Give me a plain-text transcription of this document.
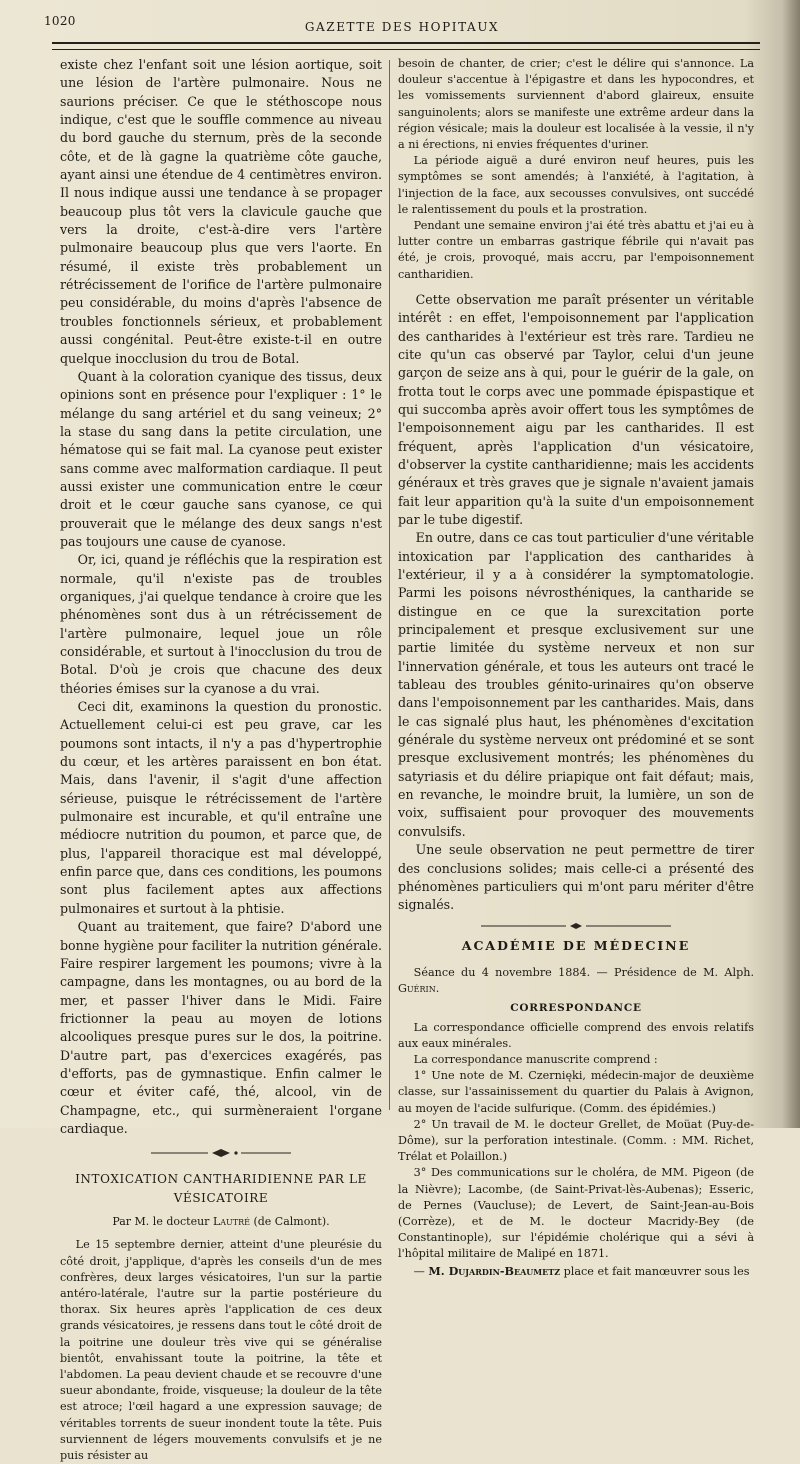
1020	GAZETTE DES HOPITAUX

existe chez l'enfant soit une lésion aortique, soit une lésion de l'artère pulmonaire. Nous ne saurions préciser. Ce que le stéthoscope nous indique, c'est que le souffle commence au niveau du bord gauche du sternum, près de la seconde côte, et de là gagne la quatrième côte gauche, ayant ainsi une étendue de 4 centimètres environ. Il nous indique aussi une tendance à se propager beaucoup plus tôt vers la clavicule gauche que vers la droite, c'est-à-dire vers l'artère pulmonaire beaucoup plus que vers l'aorte. En résumé, il existe très probablement un rétrécissement de l'orifice de l'artère pulmonaire peu considérable, du moins d'après l'absence de troubles fonctionnels sérieux, et probablement aussi congénital. Peut-être existe-t-il en outre quelque inocclusion du trou de Botal.

Quant à la coloration cyanique des tissus, deux opinions sont en présence pour l'expliquer : 1° le mélange du sang artériel et du sang veineux; 2° la stase du sang dans la petite circulation, une hématose qui se fait mal. La cyanose peut exister sans comme avec malformation cardiaque. Il peut aussi exister une communication entre le cœur droit et le cœur gauche sans cyanose, ce qui prouverait que le mélange des deux sangs n'est pas toujours une cause de cyanose.

Or, ici, quand je réfléchis que la respiration est normale, qu'il n'existe pas de troubles organiques, j'ai quelque tendance à croire que les phénomènes sont dus à un rétrécissement de l'artère pulmonaire, lequel joue un rôle considérable, et surtout à l'inocclusion du trou de Botal. D'où je crois que chacune des deux théories émises sur la cyanose a du vrai.

Ceci dit, examinons la question du pronostic. Actuellement celui-ci est peu grave, car les poumons sont intacts, il n'y a pas d'hypertrophie du cœur, et les artères paraissent en bon état. Mais, dans l'avenir, il s'agit d'une affection sérieuse, puisque le rétrécissement de l'artère pulmonaire est incurable, et qu'il entraîne une médiocre nutrition du poumon, et parce que, de plus, l'appareil thoracique est mal développé, enfin parce que, dans ces conditions, les poumons sont plus facilement aptes aux affections pulmonaires et surtout à la phtisie.

Quant au traitement, que faire? D'abord une bonne hygiène pour faciliter la nutrition générale. Faire respirer largement les poumons; vivre à la campagne, dans les montagnes, ou au bord de la mer, et passer l'hiver dans le Midi. Faire frictionner la peau au moyen de lotions alcooliques presque pures sur le dos, la poitrine. D'autre part, pas d'exercices exagérés, pas d'efforts, pas de gymnastique. Enfin calmer le cœur et éviter café, thé, alcool, vin de Champagne, etc., qui surmèneraient l'organe cardiaque.

INTOXICATION CANTHARIDIENNE PAR LE VÉSICATOIRE
Par M. le docteur Lautré (de Calmont).

Le 15 septembre dernier, atteint d'une pleurésie du côté droit, j'applique, d'après les conseils d'un de mes confrères, deux larges vésicatoires, l'un sur la partie antéro-latérale, l'autre sur la partie postérieure du thorax. Six heures après l'application de ces deux grands vésicatoires, je ressens dans tout le côté droit de la poitrine une douleur très vive qui se généralise bientôt, envahissant toute la poitrine, la tête et l'abdomen. La peau devient chaude et se recouvre d'une sueur abondante, froide, visqueuse; la douleur de la tête est atroce; l'œil hagard a une expression sauvage; de véritables torrents de sueur inondent toute la tête. Puis surviennent de légers mouvements convulsifs et je ne puis résister au

besoin de chanter, de crier; c'est le délire qui s'annonce. La douleur s'accentue à l'épigastre et dans les hypocondres, et les vomissements surviennent d'abord glaireux, ensuite sanguinolents; alors se manifeste une extrême ardeur dans la région vésicale; mais la douleur est localisée à la vessie, il n'y a ni érections, ni envies fréquentes d'uriner.

La période aiguë a duré environ neuf heures, puis les symptômes se sont amendés; à l'anxiété, à l'agitation, à l'injection de la face, aux secousses convulsives, ont succédé le ralentissement du pouls et la prostration.

Pendant une semaine environ j'ai été très abattu et j'ai eu à lutter contre un embarras gastrique fébrile qui n'avait pas été, je crois, provoqué, mais accru, par l'empoisonnement cantharidien.

Cette observation me paraît présenter un véritable intérêt : en effet, l'empoisonnement par l'application des cantharides à l'extérieur est très rare. Tardieu ne cite qu'un cas observé par Taylor, celui d'un jeune garçon de seize ans à qui, pour le guérir de la gale, on frotta tout le corps avec une pommade épispastique et qui succomba après avoir offert tous les symptômes de l'empoisonnement aigu par les cantharides. Il est fréquent, après l'application d'un vésicatoire, d'observer la cystite cantharidienne; mais les accidents généraux et très graves que je signale n'avaient jamais fait leur apparition qu'à la suite d'un empoisonnement par le tube digestif.

En outre, dans ce cas tout particulier d'une véritable intoxication par l'application des cantharides à l'extérieur, il y a à considérer la symptomatologie. Parmi les poisons névrosthéniques, la cantharide se distingue en ce que la surexcitation porte principalement et presque exclusivement sur une partie limitée du système nerveux et non sur l'innervation générale, et tous les auteurs ont tracé le tableau des troubles génito-urinaires qu'on observe dans l'empoisonnement par les cantharides. Mais, dans le cas signalé plus haut, les phénomènes d'excitation générale du système nerveux ont prédominé et se sont presque exclusivement montrés; les phénomènes du satyriasis et du délire priapique ont fait défaut; mais, en revanche, le moindre bruit, la lumière, un son de voix, suffisaient pour provoquer des mouvements convulsifs.

Une seule observation ne peut permettre de tirer des conclusions solides; mais celle-ci a présenté des phénomènes particuliers qui m'ont paru mériter d'être signalés.

ACADÉMIE DE MÉDECINE

Séance du 4 novembre 1884. — Présidence de M. Alph. Guérin.

CORRESPONDANCE

La correspondance officielle comprend des envois relatifs aux eaux minérales.

La correspondance manuscrite comprend :

1° Une note de M. Czernięki, médecin-major de deuxième classe, sur l'assainissement du quartier du Palais à Avignon, au moyen de l'acide sulfurique. (Comm. des épidémies.)

2° Un travail de M. le docteur Grellet, de Moüat (Puy-de-Dôme), sur la perforation intestinale. (Comm. : MM. Richet, Trélat et Polaillon.)

3° Des communications sur le choléra, de MM. Pigeon (de la Nièvre); Lacombe, (de Saint-Privat-lès-Aubenas); Esseric, de Pernes (Vaucluse); de Levert, de Saint-Jean-au-Bois (Corrèze), et de M. le docteur Macridy-Bey (de Constantinople), sur l'épidémie cholérique qui a sévi à l'hôpital militaire de Malipé en 1871.

— M. Dujardin-Beaumetz place et fait manœuvrer sous les
